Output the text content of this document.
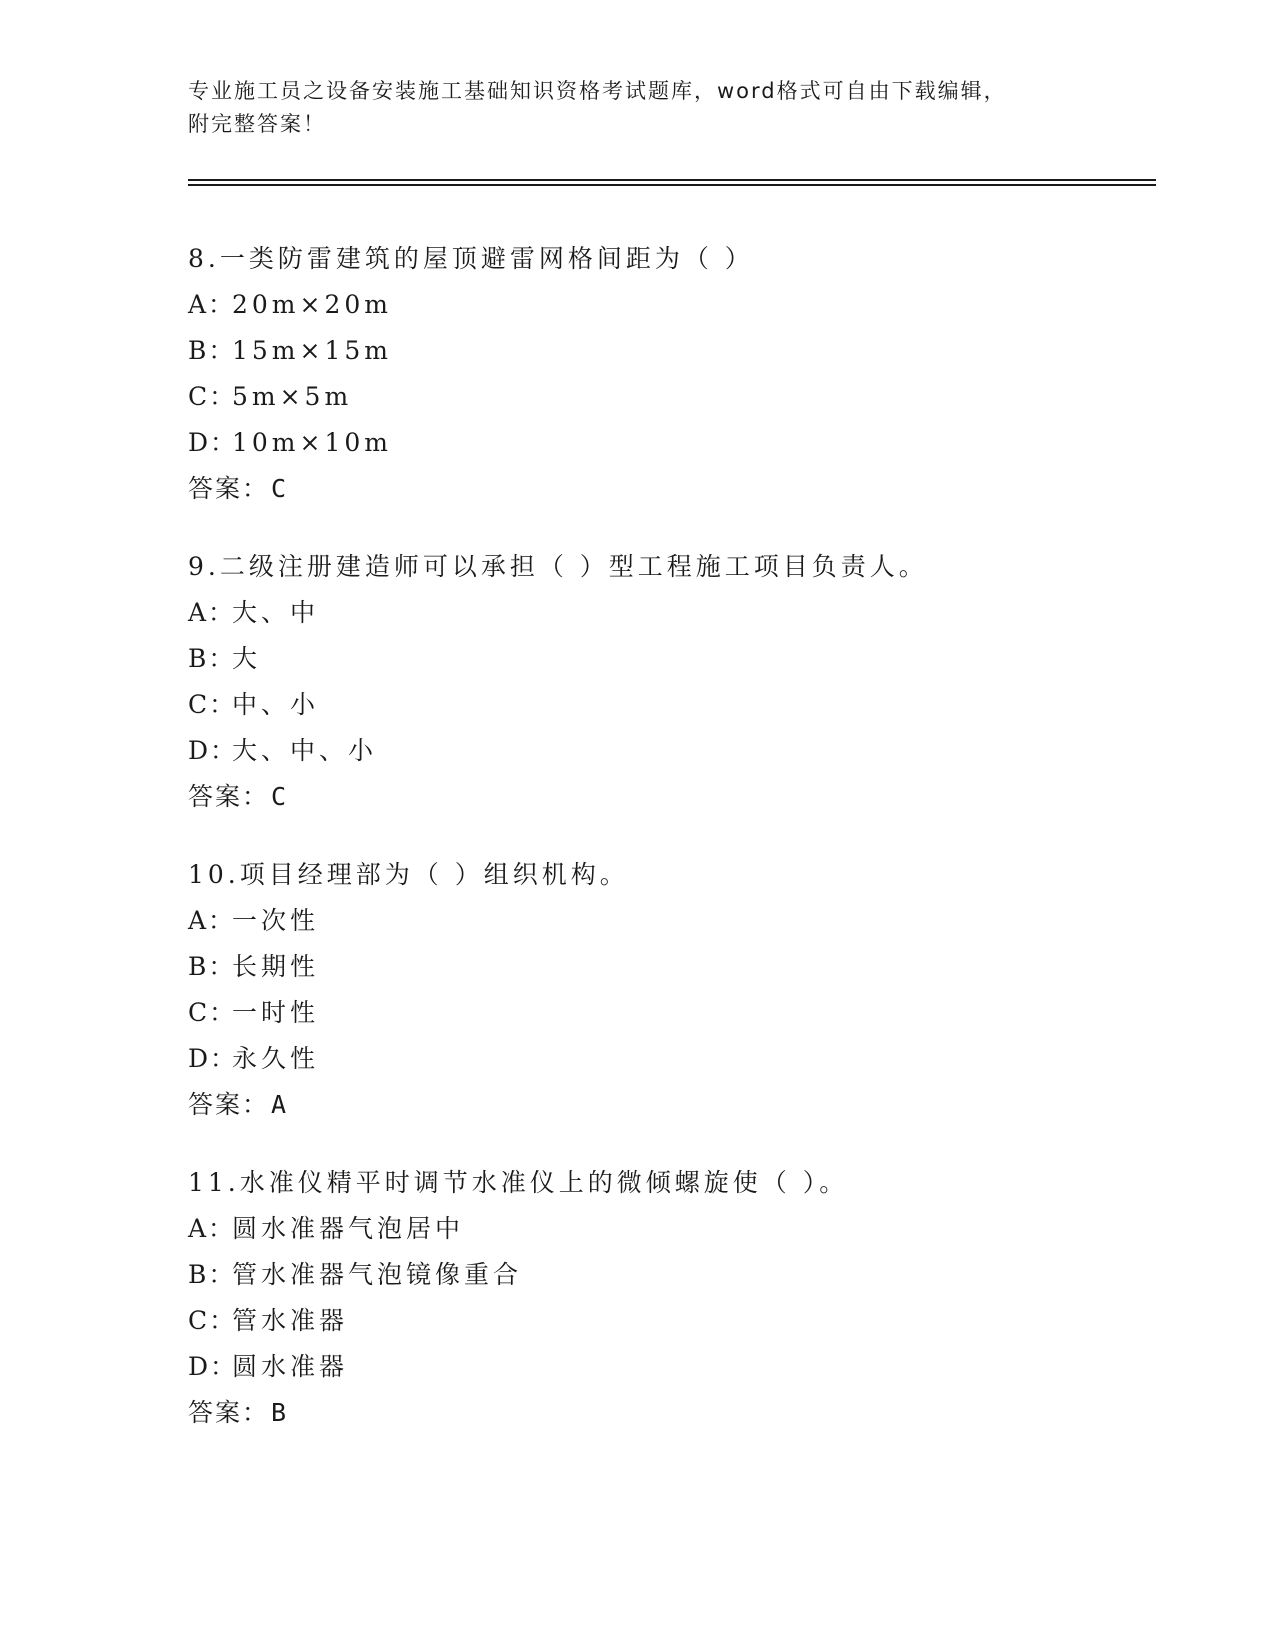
专业施工员之设备安装施工基础知识资格考试题库，word格式可自由下载编辑，
附完整答案！
8.一类防雷建筑的屋顶避雷网格间距为（ ）
A：20m×20m
B：15m×15m
C：5m×5m
D：10m×10m
答案：C
9.二级注册建造师可以承担（ ）型工程施工项目负责人。
A：大、中
B：大
C：中、小
D：大、中、小
答案：C
10.项目经理部为（ ）组织机构。
A：一次性
B：长期性
C：一时性
D：永久性
答案：A
11.水准仪精平时调节水准仪上的微倾螺旋使（ ）。
A：圆水准器气泡居中
B：管水准器气泡镜像重合
C：管水准器
D：圆水准器
答案：B
